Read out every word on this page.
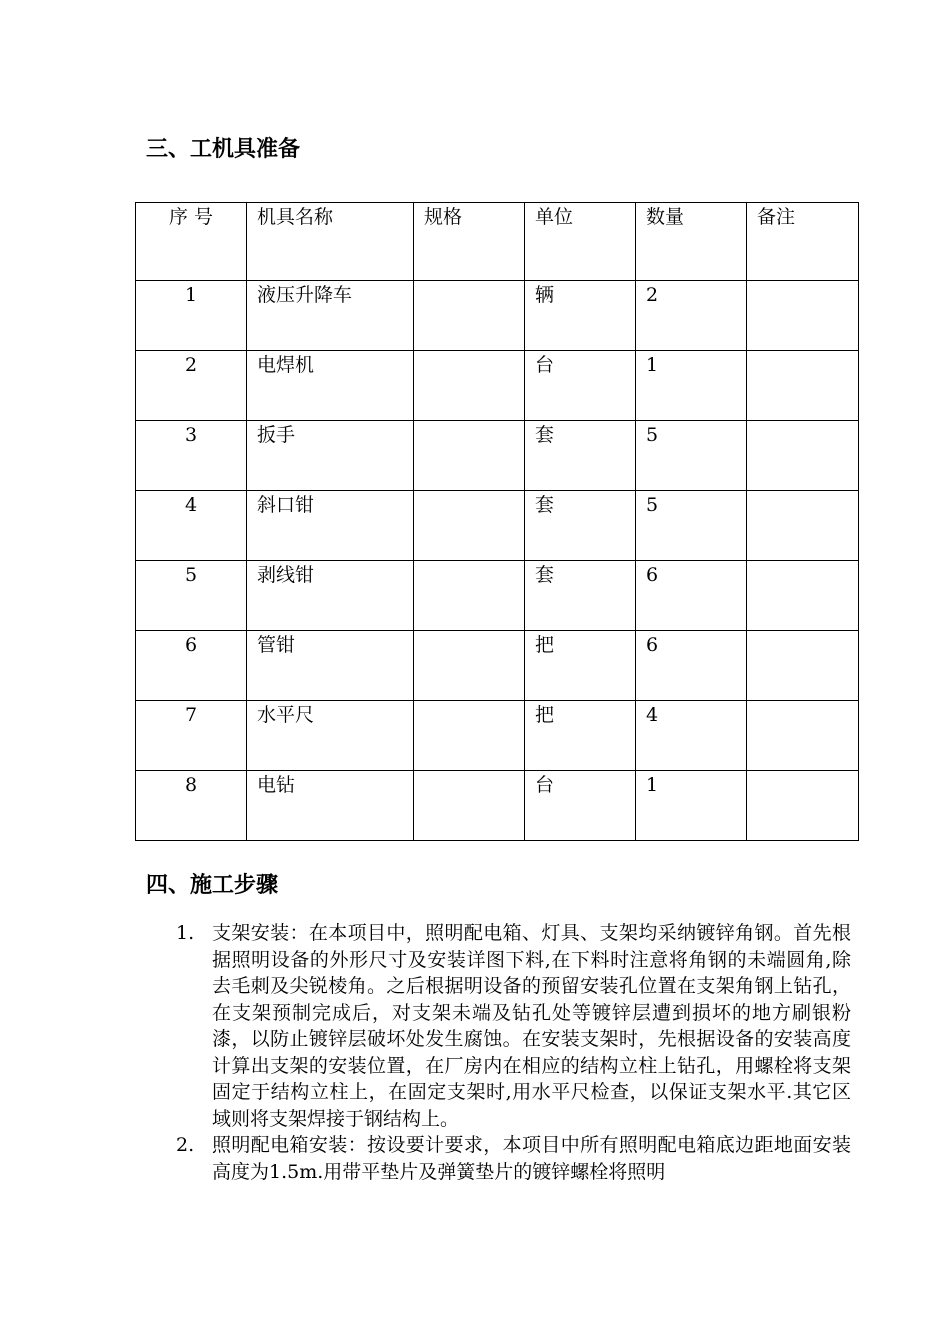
三、工机具准备
序 号	机具名称	规格	单位	数量	备注
1	液压升降车		辆	2	
2	电焊机		台	1	
3	扳手		套	5	
4	斜口钳		套	5	
5	剥线钳		套	6	
6	管钳		把	6	
7	水平尺		把	4	
8	电钻		台	1	
四、施工步骤
1. 支架安装：在本项目中，照明配电箱、灯具、支架均采纳镀锌角钢。首先根据照明设备的外形尺寸及安装详图下料,在下料时注意将角钢的未端圆角,除去毛刺及尖锐棱角。之后根据明设备的预留安装孔位置在支架角钢上钻孔，在支架预制完成后，对支架未端及钻孔处等镀锌层遭到损坏的地方刷银粉漆，以防止镀锌层破坏处发生腐蚀。在安装支架时，先根据设备的安装高度计算出支架的安装位置，在厂房内在相应的结构立柱上钻孔，用螺栓将支架固定于结构立柱上，在固定支架时,用水平尺检查，以保证支架水平.其它区域则将支架焊接于钢结构上。
2. 照明配电箱安装：按设要计要求，本项目中所有照明配电箱底边距地面安装高度为1.5m.用带平垫片及弹簧垫片的镀锌螺栓将照明
